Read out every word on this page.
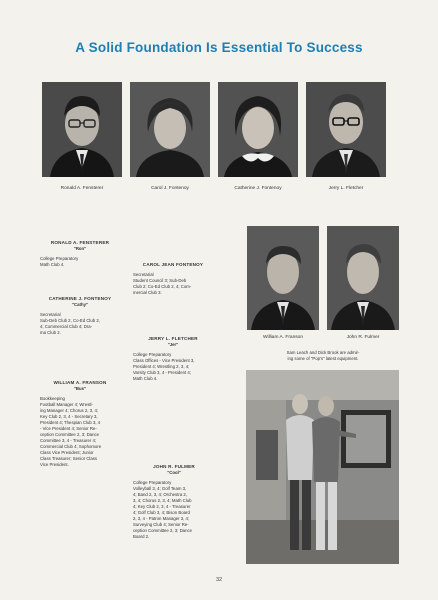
A Solid Foundation Is Essential To Success
Ronald A. Fensterer	Carol J. Fontenoy	Catherine J. Fontenoy	Jerry L. Fletcher
William A. Franson	John R. Fulmer
Sam Leach and Dick Brook are admir-
ing some of "Pop's" latest equipment.
RONALD A. FENSTERER
"Ron"
College Preparatory
Math Club 4.
CATHERINE J. FONTENOY
"Cathy"
Secretarial
Sub-Deb Club 2, Co-Ed Club 2,
4; Commercial Club 4; Dra-
ma Club 2.
WILLIAM A. FRANSON
"Bus"
Bookkeeping
Football Manager 4; Wrestl-
ing Manager 4; Chorus 2, 3, 4;
Key Club 2, 3, 4 - Secretary 3,
President 4; Thespian Club 3, 4
- Vice President 4; Senior Re-
ception Committee 2, 3; Dance
Committee 3, 4 - Treasurer 4;
Commercial Club 4; Sophomore
Class Vice President; Junior
Class Treasurer; Senior Class
Vice President.
CAROL JEAN FONTENOY
Secretarial
Student Council 3; Sub-Deb
Club 2; Co-Ed Club 2, 4; Com-
mercial Club 3.
JERRY L. FLETCHER
"Jer"
College Preparatory
Class Offices - Vice President 3,
President 4; Wrestling 2, 3, 4;
Varsity Club 3, 4 - President 4;
Math Club 4.
JOHN R. FULMER
"Cool"
College Preparatory
Volleyball 3, 4; Golf Team 3,
4; Band 2, 3, 4; Orchestra 2,
3, 4; Chorus 2, 3, 4; Math Club
4; Key Club 2, 3, 4 - Treasurer
4; Golf Club 3, 4; Bison Board
2, 3, 4 - Patron Manager 3, 4;
Surveying Club 4; Senior Re-
ception Committee 2, 3; Dance
Board 2.
32
